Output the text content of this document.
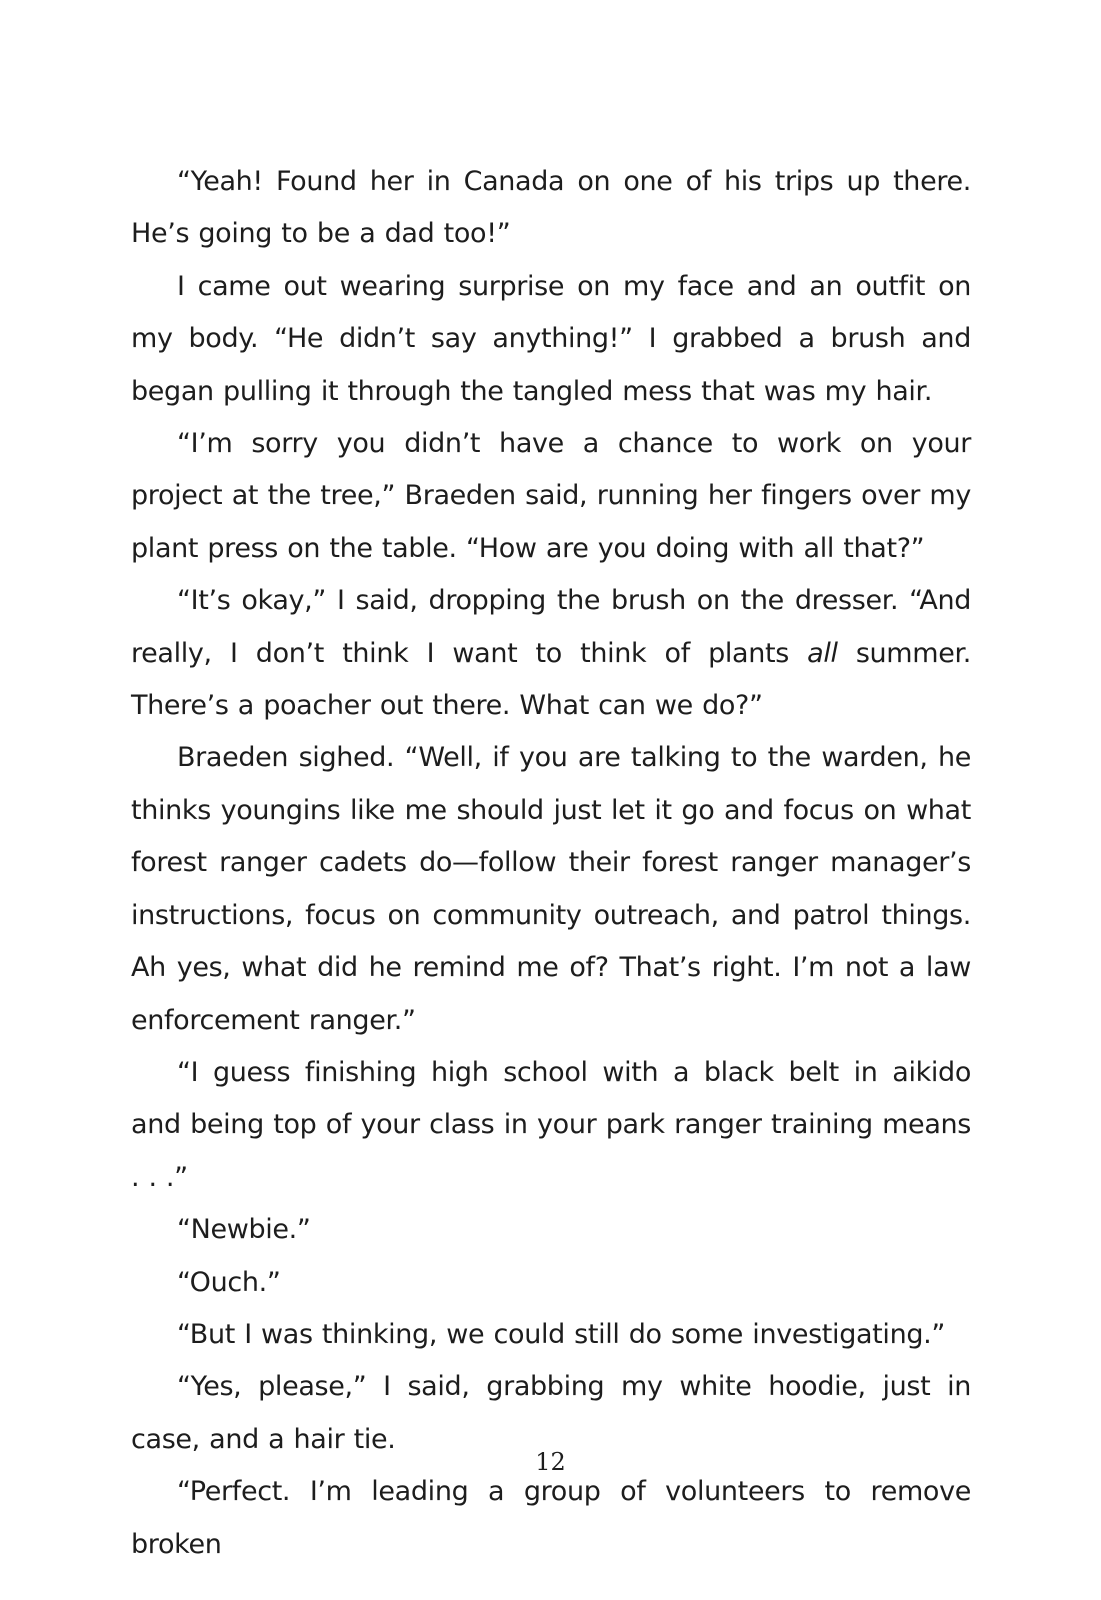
“Yeah! Found her in Canada on one of his trips up there. He’s going to be a dad too!”

I came out wearing surprise on my face and an outfit on my body. “He didn’t say anything!” I grabbed a brush and began pulling it through the tangled mess that was my hair.

“I’m sorry you didn’t have a chance to work on your project at the tree,” Braeden said, running her fingers over my plant press on the table. “How are you doing with all that?”

“It’s okay,” I said, dropping the brush on the dresser. “And really, I don’t think I want to think of plants all summer. There’s a poacher out there. What can we do?”

Braeden sighed. “Well, if you are talking to the warden, he thinks youngins like me should just let it go and focus on what forest ranger cadets do—follow their forest ranger manager’s instructions, focus on community outreach, and patrol things. Ah yes, what did he remind me of? That’s right. I’m not a law enforcement ranger.”

“I guess finishing high school with a black belt in aikido and being top of your class in your park ranger training means . . .”

“Newbie.”

“Ouch.”

“But I was thinking, we could still do some investigating.”

“Yes, please,” I said, grabbing my white hoodie, just in case, and a hair tie.

“Perfect. I’m leading a group of volunteers to remove broken

12
